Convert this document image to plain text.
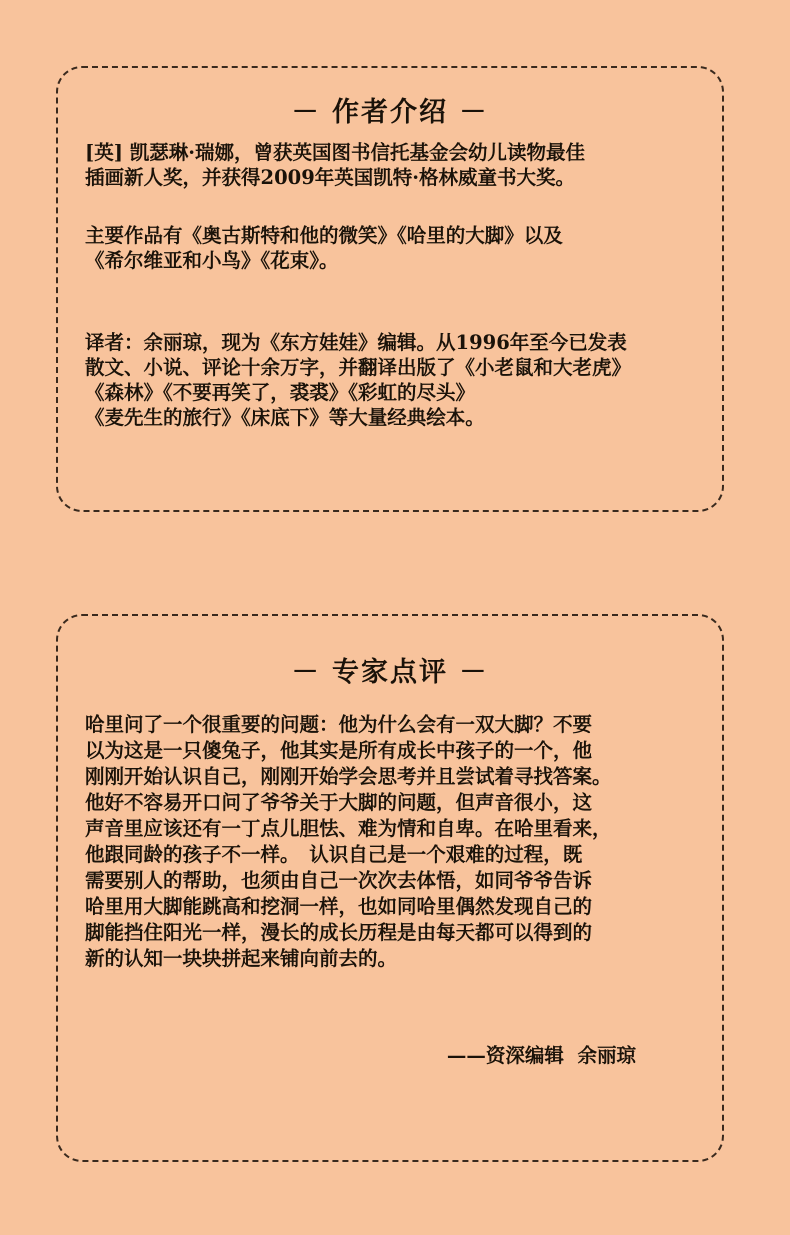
－ 作者介绍 －
[英] 凯瑟琳·瑞娜，曾获英国图书信托基金会幼儿读物最佳
插画新人奖，并获得2009年英国凯特·格林威童书大奖。
主要作品有《奥古斯特和他的微笑》《哈里的大脚》以及
《希尔维亚和小鸟》《花束》。
译者：余丽琼，现为《东方娃娃》编辑。从1996年至今已发表
散文、小说、评论十余万字，并翻译出版了《小老鼠和大老虎》
《森林》《不要再笑了，裘裘》《彩虹的尽头》
《麦先生的旅行》《床底下》等大量经典绘本。
－ 专家点评 －
哈里问了一个很重要的问题：他为什么会有一双大脚？不要
以为这是一只傻兔子，他其实是所有成长中孩子的一个，他
刚刚开始认识自己，刚刚开始学会思考并且尝试着寻找答案。
他好不容易开口问了爷爷关于大脚的问题，但声音很小，这
声音里应该还有一丁点儿胆怯、难为情和自卑。在哈里看来，
他跟同龄的孩子不一样。　认识自己是一个艰难的过程，既
需要别人的帮助，也须由自己一次次去体悟，如同爷爷告诉
哈里用大脚能跳高和挖洞一样，也如同哈里偶然发现自己的
脚能挡住阳光一样，漫长的成长历程是由每天都可以得到的
新的认知一块块拼起来铺向前去的。
——资深编辑  余丽琼
